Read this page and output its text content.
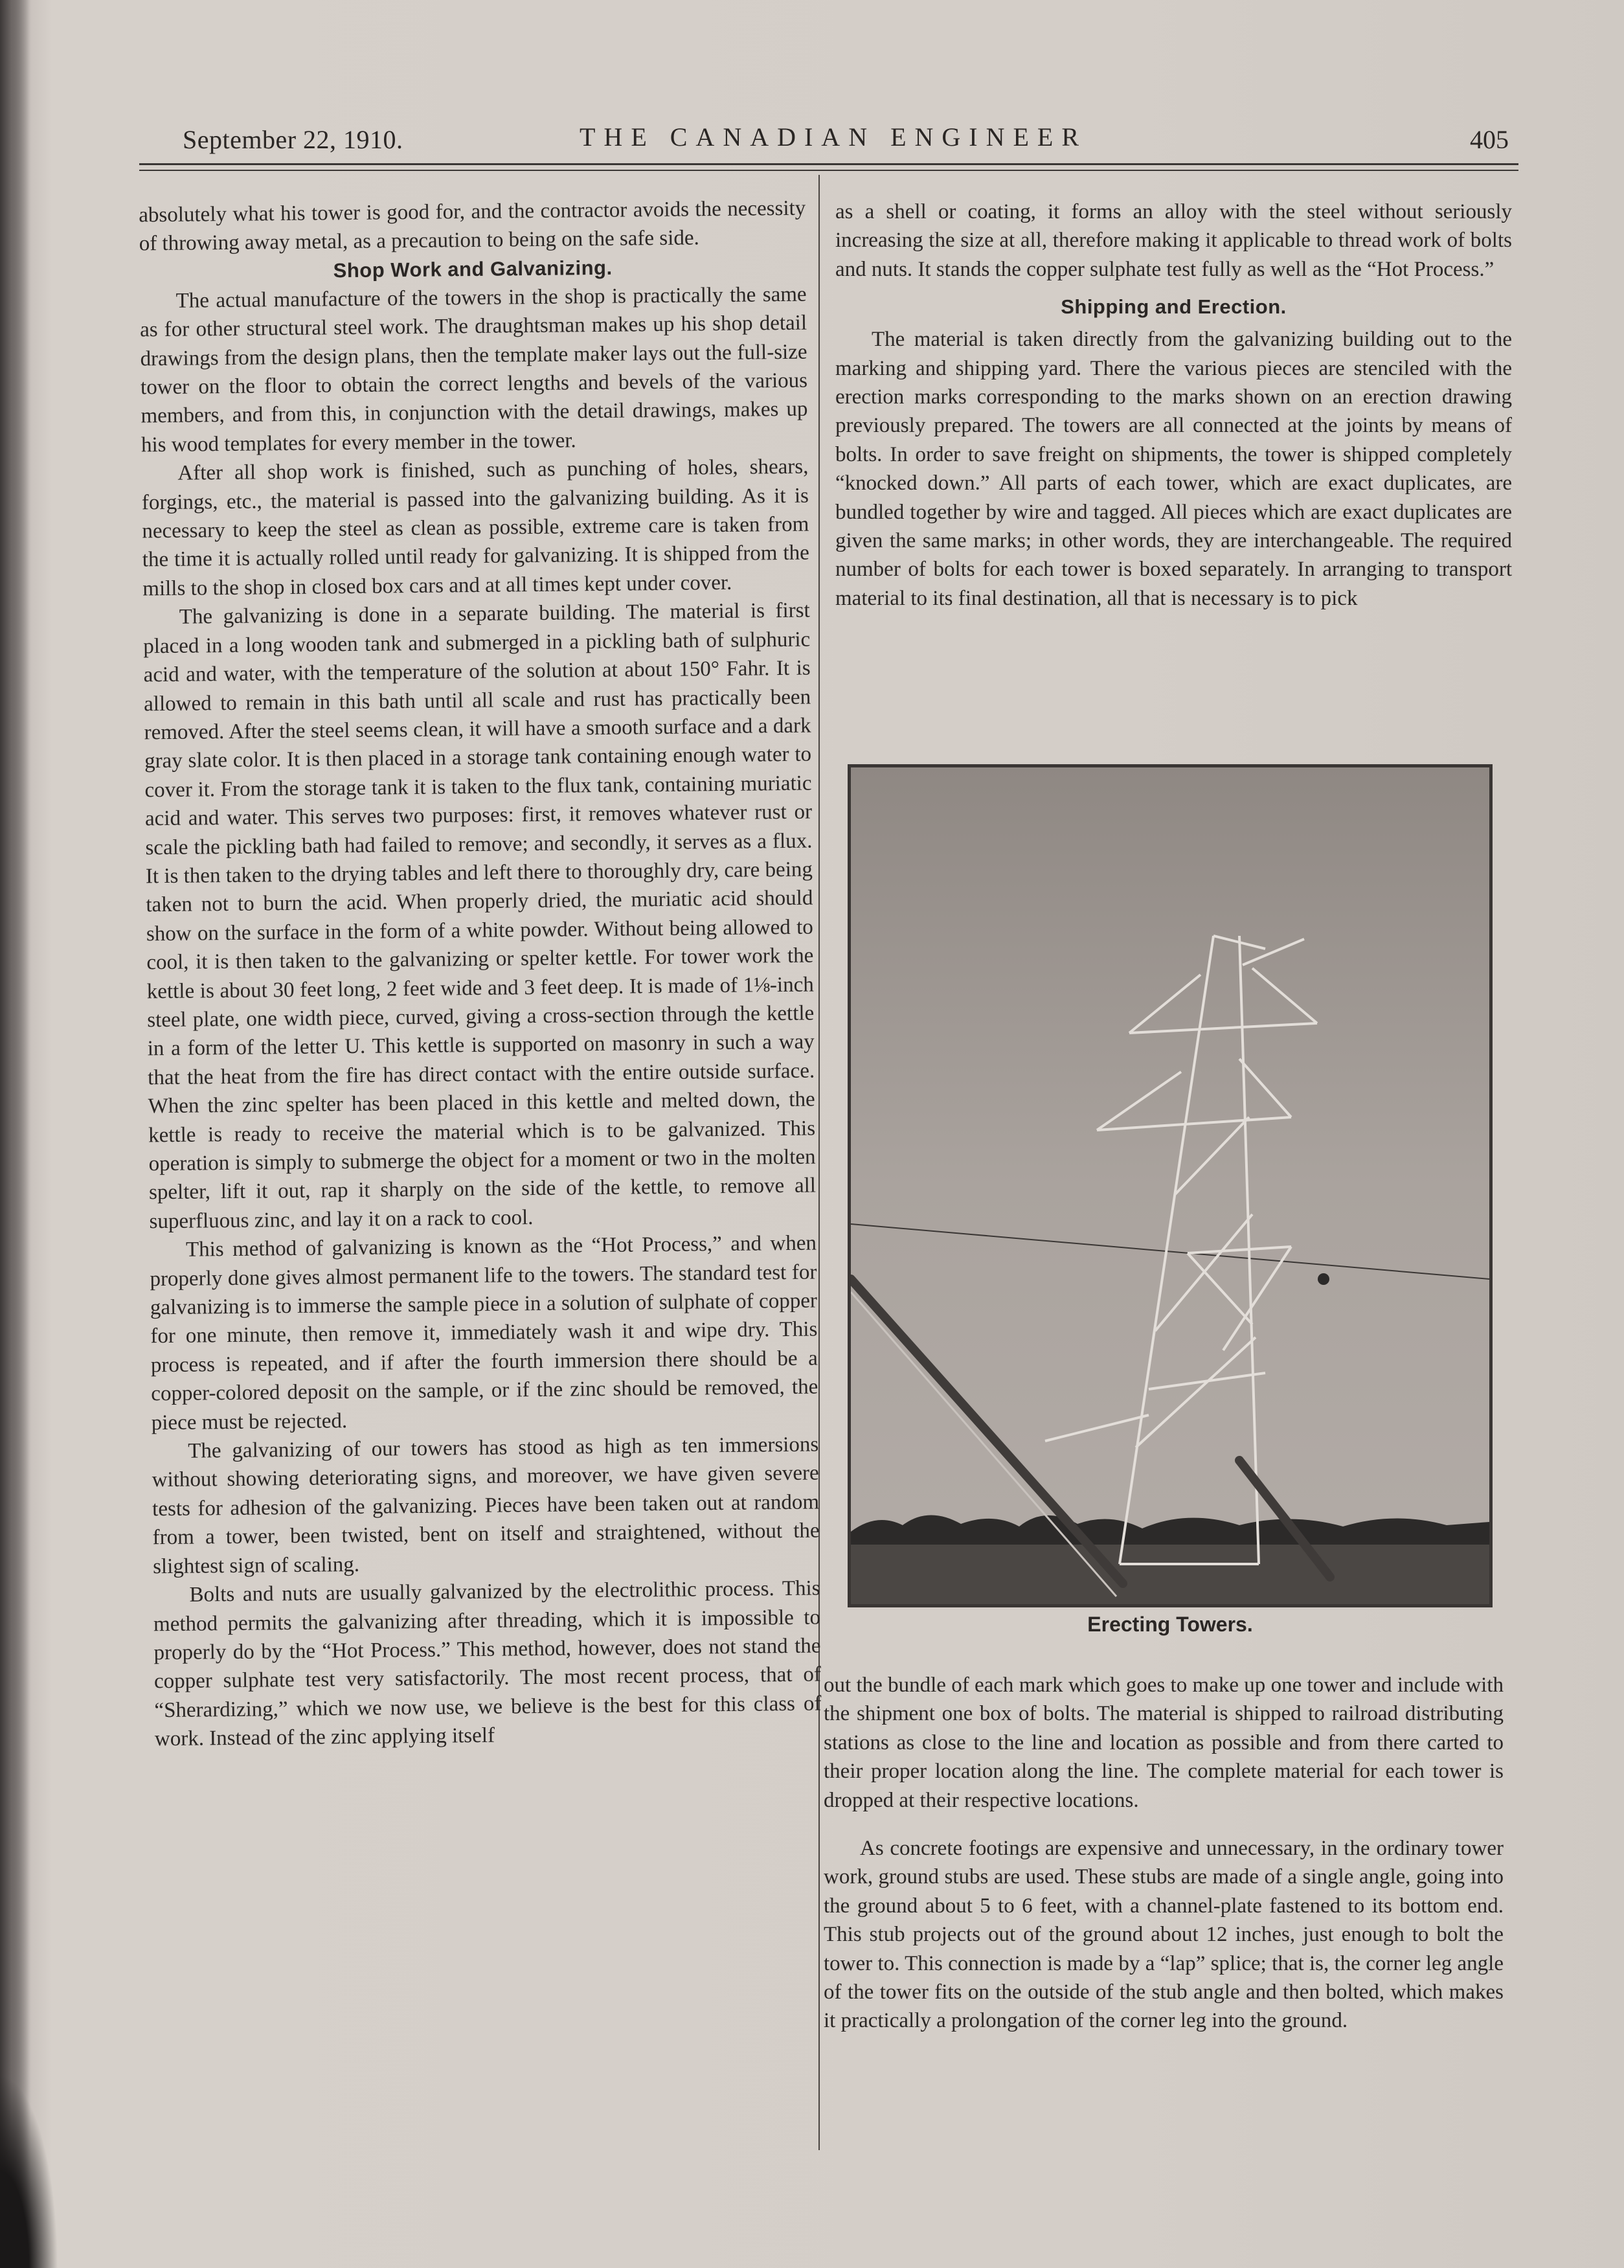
September 22, 1910.	THE CANADIAN ENGINEER	405

absolutely what his tower is good for, and the contractor avoids the necessity of throwing away metal, as a precaution to being on the safe side.

Shop Work and Galvanizing.

The actual manufacture of the towers in the shop is practically the same as for other structural steel work. The draughtsman makes up his shop detail drawings from the design plans, then the template maker lays out the full-size tower on the floor to obtain the correct lengths and bevels of the various members, and from this, in conjunction with the detail drawings, makes up his wood templates for every member in the tower.

After all shop work is finished, such as punching of holes, shears, forgings, etc., the material is passed into the galvanizing building. As it is necessary to keep the steel as clean as possible, extreme care is taken from the time it is actually rolled until ready for galvanizing. It is shipped from the mills to the shop in closed box cars and at all times kept under cover.

The galvanizing is done in a separate building. The material is first placed in a long wooden tank and submerged in a pickling bath of sulphuric acid and water, with the temperature of the solution at about 150° Fahr. It is allowed to remain in this bath until all scale and rust has practically been removed. After the steel seems clean, it will have a smooth surface and a dark gray slate color. It is then placed in a storage tank containing enough water to cover it. From the storage tank it is taken to the flux tank, containing muriatic acid and water. This serves two purposes: first, it removes whatever rust or scale the pickling bath had failed to remove; and secondly, it serves as a flux. It is then taken to the drying tables and left there to thoroughly dry, care being taken not to burn the acid. When properly dried, the muriatic acid should show on the surface in the form of a white powder. Without being allowed to cool, it is then taken to the galvanizing or spelter kettle. For tower work the kettle is about 30 feet long, 2 feet wide and 3 feet deep. It is made of 1⅛-inch steel plate, one width piece, curved, giving a cross-section through the kettle in a form of the letter U. This kettle is supported on masonry in such a way that the heat from the fire has direct contact with the entire outside surface. When the zinc spelter has been placed in this kettle and melted down, the kettle is ready to receive the material which is to be galvanized. This operation is simply to submerge the object for a moment or two in the molten spelter, lift it out, rap it sharply on the side of the kettle, to remove all superfluous zinc, and lay it on a rack to cool.

This method of galvanizing is known as the “Hot Process,” and when properly done gives almost permanent life to the towers. The standard test for galvanizing is to immerse the sample piece in a solution of sulphate of copper for one minute, then remove it, immediately wash it and wipe dry. This process is repeated, and if after the fourth immersion there should be a copper-colored deposit on the sample, or if the zinc should be removed, the piece must be rejected.

The galvanizing of our towers has stood as high as ten immersions without showing deteriorating signs, and moreover, we have given severe tests for adhesion of the galvanizing. Pieces have been taken out at random from a tower, been twisted, bent on itself and straightened, without the slightest sign of scaling.

Bolts and nuts are usually galvanized by the electrolithic process. This method permits the galvanizing after threading, which it is impossible to properly do by the “Hot Process.” This method, however, does not stand the copper sulphate test very satisfactorily. The most recent process, that of “Sherardizing,” which we now use, we believe is the best for this class of work. Instead of the zinc applying itself

as a shell or coating, it forms an alloy with the steel without seriously increasing the size at all, therefore making it applicable to thread work of bolts and nuts. It stands the copper sulphate test fully as well as the “Hot Process.”

Shipping and Erection.

The material is taken directly from the galvanizing building out to the marking and shipping yard. There the various pieces are stenciled with the erection marks corresponding to the marks shown on an erection drawing previously prepared. The towers are all connected at the joints by means of bolts. In order to save freight on shipments, the tower is shipped completely “knocked down.” All parts of each tower, which are exact duplicates, are bundled together by wire and tagged. All pieces which are exact duplicates are given the same marks; in other words, they are interchangeable. The required number of bolts for each tower is boxed separately. In arranging to transport material to its final destination, all that is necessary is to pick

Erecting Towers.

out the bundle of each mark which goes to make up one tower and include with the shipment one box of bolts. The material is shipped to railroad distributing stations as close to the line and location as possible and from there carted to their proper location along the line. The complete material for each tower is dropped at their respective locations.

As concrete footings are expensive and unnecessary, in the ordinary tower work, ground stubs are used. These stubs are made of a single angle, going into the ground about 5 to 6 feet, with a channel-plate fastened to its bottom end. This stub projects out of the ground about 12 inches, just enough to bolt the tower to. This connection is made by a “lap” splice; that is, the corner leg angle of the tower fits on the outside of the stub angle and then bolted, which makes it practically a prolongation of the corner leg into the ground.
